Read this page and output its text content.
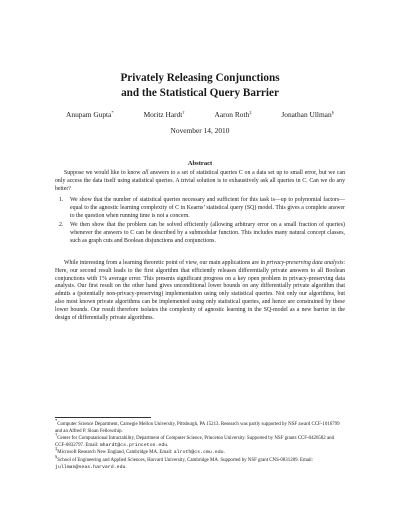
Privately Releasing Conjunctions
and the Statistical Query Barrier
Anupam Gupta*	Moritz Hardt†	Aaron Roth‡	Jonathan Ullman§
November 14, 2010
Abstract
Suppose we would like to know all answers to a set of statistical queries C on a data set up to small error, but we can only access the data itself using statistical queries. A trivial solution is to exhaustively ask all queries in C. Can we do any better?
1. We show that the number of statistical queries necessary and sufficient for this task is—up to polynomial factors—equal to the agnostic learning complexity of C in Kearns’ statistical query (SQ) model. This gives a complete answer to the question when running time is not a concern.
2. We then show that the problem can be solved efficiently (allowing arbitrary error on a small fraction of queries) whenever the answers to C can be described by a submodular function. This includes many natural concept classes, such as graph cuts and Boolean disjunctions and conjunctions.
While interesting from a learning theoretic point of view, our main applications are in privacy-preserving data analysis: Here, our second result leads to the first algorithm that efficiently releases differentially private answers to all Boolean conjunctions with 1% average error. This presents significant progress on a key open problem in privacy-preserving data analysis. Our first result on the other hand gives unconditional lower bounds on any differentially private algorithm that admits a (potentially non-privacy-preserving) implementation using only statistical queries. Not only our algorithms, but also most known private algorithms can be implemented using only statistical queries, and hence are constrained by these lower bounds. Our result therefore isolates the complexity of agnostic learning in the SQ-model as a new barrier in the design of differentially private algorithms.

*Computer Science Department, Carnegie Mellon University, Pittsburgh, PA 15213. Research was partly supported by NSF award CCF-1016799 and an Alfred P. Sloan Fellowship.

†Center for Computational Intractability, Department of Computer Science, Princeton University. Supported by NSF grants CCF-0426582 and CCF-0832797. Email: mhardt@cs.princeton.edu.

‡Microsoft Research New England, Cambridge MA. Email: alroth@cs.cmu.edu.

§School of Engineering and Applied Sciences, Harvard University, Cambridge MA. Supported by NSF grant CNS-0831289. Email: jullman@seas.harvard.edu.
